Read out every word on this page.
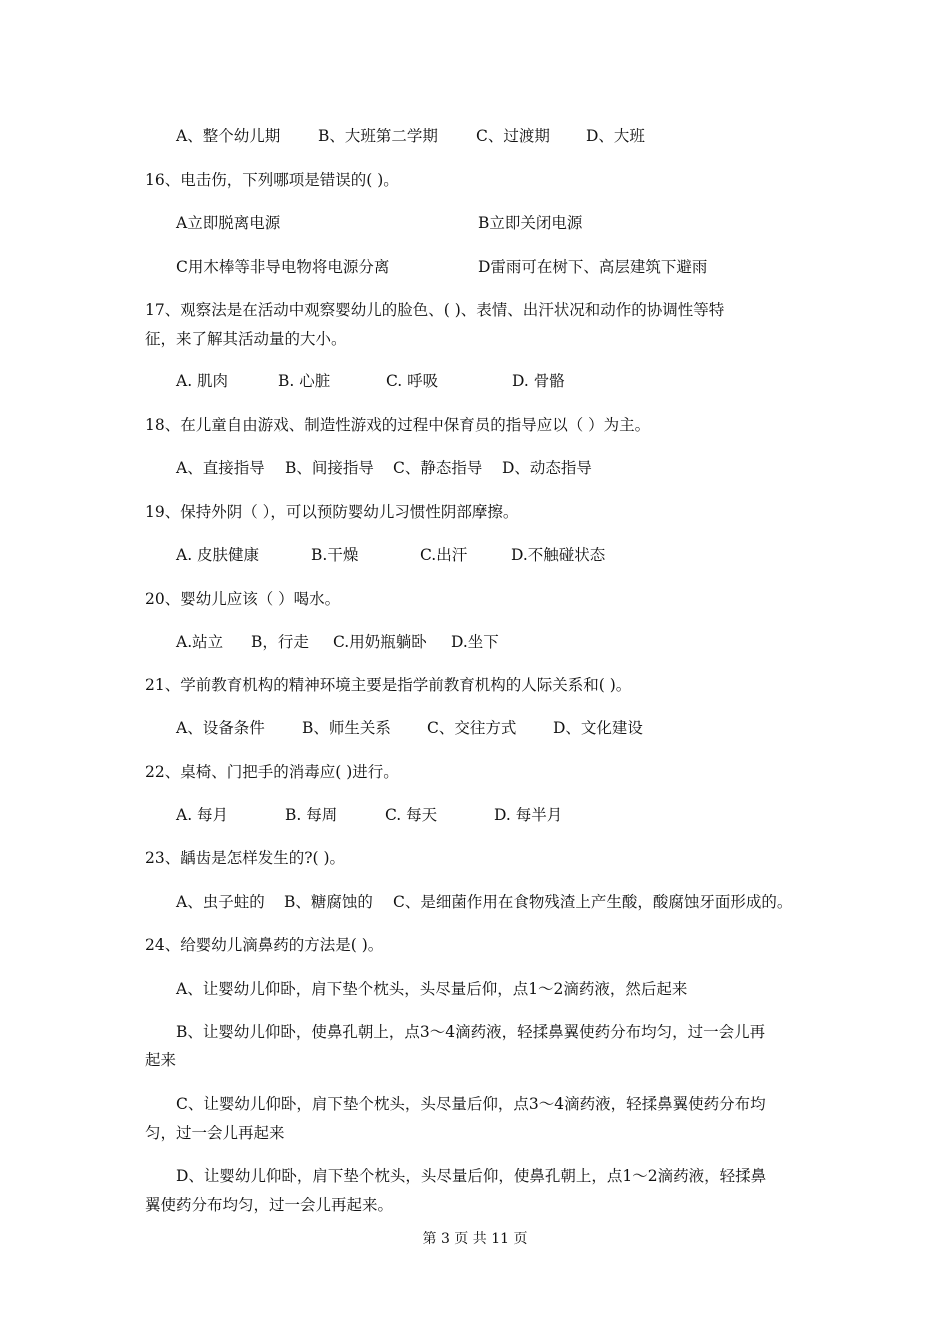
A、整个幼儿期 B、大班第二学期 C、过渡期 D、大班
16、电击伤，下列哪项是错误的( )。
A立即脱离电源	B立即关闭电源
C用木棒等非导电物将电源分离	D雷雨可在树下、高层建筑下避雨
17、观察法是在活动中观察婴幼儿的脸色、( )、表情、出汗状况和动作的协调性等特
征，来了解其活动量的大小。
A. 肌肉	B. 心脏	C. 呼吸	D. 骨骼
18、在儿童自由游戏、制造性游戏的过程中保育员的指导应以（ ）为主。
A、直接指导 B、间接指导 C、静态指导 D、动态指导
19、保持外阴（ ），可以预防婴幼儿习惯性阴部摩擦。
A. 皮肤健康	B.干燥	C.出汗	D.不触碰状态
20、婴幼儿应该（ ）喝水。
A.站立 B，行走 C.用奶瓶躺卧 D.坐下
21、学前教育机构的精神环境主要是指学前教育机构的人际关系和( )。
A、设备条件 B、师生关系 C、交往方式 D、文化建设
22、桌椅、门把手的消毒应( )进行。
A. 每月	B. 每周	C. 每天	D. 每半月
23、龋齿是怎样发生的?( )。
A、虫子蛀的 B、糖腐蚀的 C、是细菌作用在食物残渣上产生酸，酸腐蚀牙面形成的。
24、给婴幼儿滴鼻药的方法是( )。
A、让婴幼儿仰卧，肩下垫个枕头，头尽量后仰，点1～2滴药液，然后起来
B、让婴幼儿仰卧，使鼻孔朝上，点3～4滴药液，轻揉鼻翼使药分布均匀，过一会儿再
起来
C、让婴幼儿仰卧，肩下垫个枕头，头尽量后仰，点3～4滴药液，轻揉鼻翼使药分布均
匀，过一会儿再起来
D、让婴幼儿仰卧，肩下垫个枕头，头尽量后仰，使鼻孔朝上，点1～2滴药液，轻揉鼻
翼使药分布均匀，过一会儿再起来。
第 3 页 共 11 页
